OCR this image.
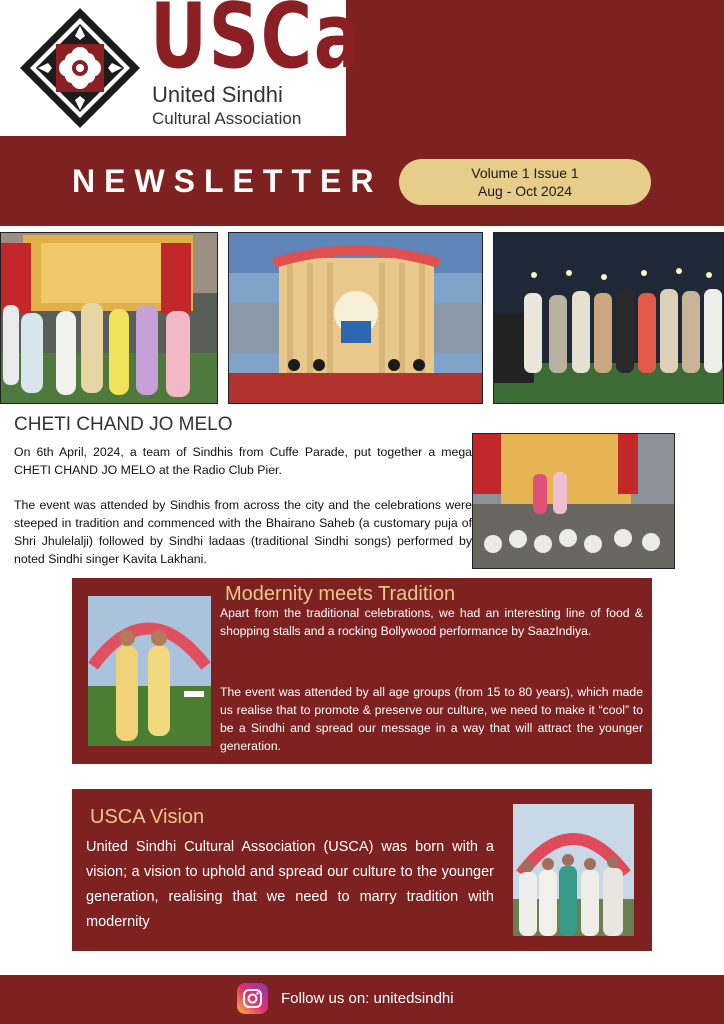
USCa
United Sindhi
Cultural Association
NEWSLETTER	Volume 1 Issue 1
Aug - Oct 2024
CHETI CHAND JO MELO

On 6th April, 2024, a team of Sindhis from Cuffe Parade, put together a mega CHETI CHAND JO MELO at the Radio Club Pier.

The event was attended by Sindhis from across the city and the celebrations were steeped in tradition and commenced with the Bhairano Saheb (a customary puja of Shri Jhulelalji) followed by Sindhi ladaas (traditional Sindhi songs) performed by noted Sindhi singer Kavita Lakhani.

Modernity meets Tradition

Apart from the traditional celebrations, we had an interesting line of food & shopping stalls and a rocking Bollywood performance by SaazIndiya.

The event was attended by all age groups (from 15 to 80 years), which made us realise that to promote & preserve our culture, we need to make it “cool” to be a Sindhi and spread our message in a way that will attract the younger generation.

USCA Vision

United Sindhi Cultural Association (USCA) was born with a vision; a vision to uphold and spread our culture to the younger generation, realising that we need to marry tradition with modernity

Follow us on: unitedsindhi
